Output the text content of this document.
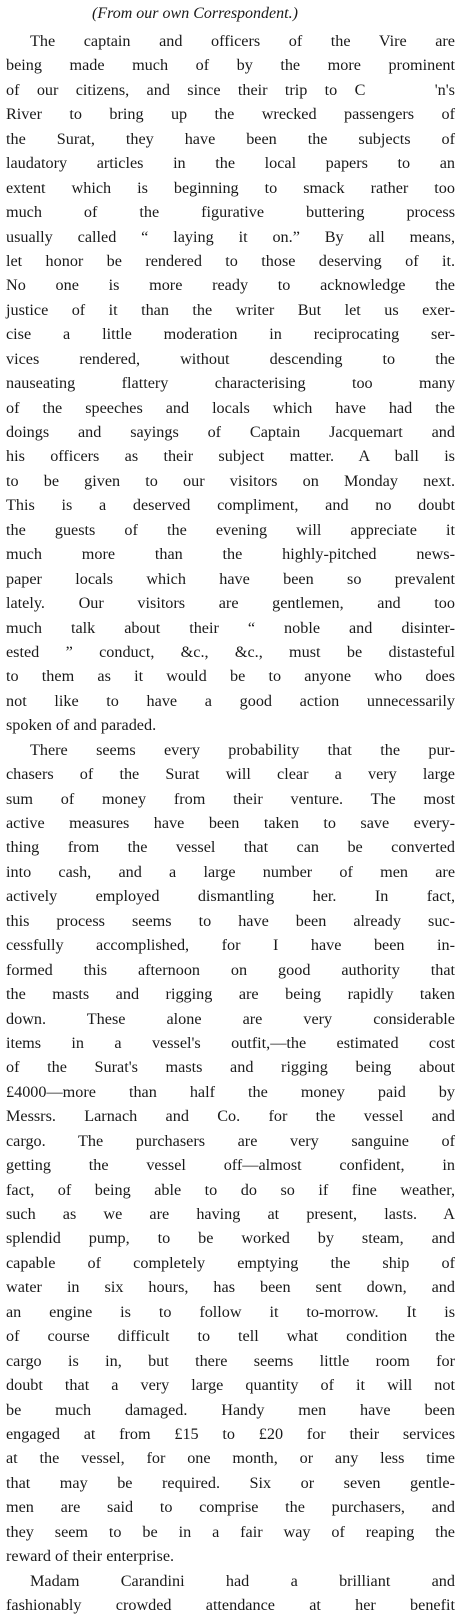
(From our own Correspondent.)
The captain and officers of the Vire are
being made much of by the more prominent
of our citizens, and since their trip to C    'n's
River to bring up the wrecked passengers of
the Surat, they have been the subjects of
laudatory articles in the local papers to an
extent which is beginning to smack rather too
much of the figurative buttering process
usually called “ laying it on.” By all means,
let honor be rendered to those deserving of it.
No one is more ready to acknowledge the
justice of it than the writer But let us exer-
cise a little moderation in reciprocating ser-
vices rendered, without descending to the
nauseating flattery characterising too many
of the speeches and locals which have had the
doings and sayings of Captain Jacquemart and
his officers as their subject matter. A ball is
to be given to our visitors on Monday next.
This is a deserved compliment, and no doubt
the guests of the evening will appreciate it
much more than the highly-pitched news-
paper locals which have been so prevalent
lately. Our visitors are gentlemen, and too
much talk about their “ noble and disinter-
ested ” conduct, &c., &c., must be distasteful
to them as it would be to anyone who does
not like to have a good action unnecessarily
spoken of and paraded.
There seems every probability that the pur-
chasers of the Surat will clear a very large
sum of money from their venture. The most
active measures have been taken to save every-
thing from the vessel that can be converted
into cash, and a large number of men are
actively employed dismantling her. In fact,
this process seems to have been already suc-
cessfully accomplished, for I have been in-
formed this afternoon on good authority that
the masts and rigging are being rapidly taken
down. These alone are very considerable
items in a vessel's outfit,—the estimated cost
of the Surat's masts and rigging being about
£4000—more than half the money paid by
Messrs. Larnach and Co. for the vessel and
cargo. The purchasers are very sanguine of
getting the vessel off—almost confident, in
fact, of being able to do so if fine weather,
such as we are having at present, lasts. A
splendid pump, to be worked by steam, and
capable of completely emptying the ship of
water in six hours, has been sent down, and
an engine is to follow it to-morrow. It is
of course difficult to tell what condition the
cargo is in, but there seems little room for
doubt that a very large quantity of it will not
be much damaged. Handy men have been
engaged at from £15 to £20 for their services
at the vessel, for one month, or any less time
that may be required. Six or seven gentle-
men are said to comprise the purchasers, and
they seem to be in a fair way of reaping the
reward of their enterprise.
Madam Carandini had a brilliant and
fashionably crowded attendance at her benefit
